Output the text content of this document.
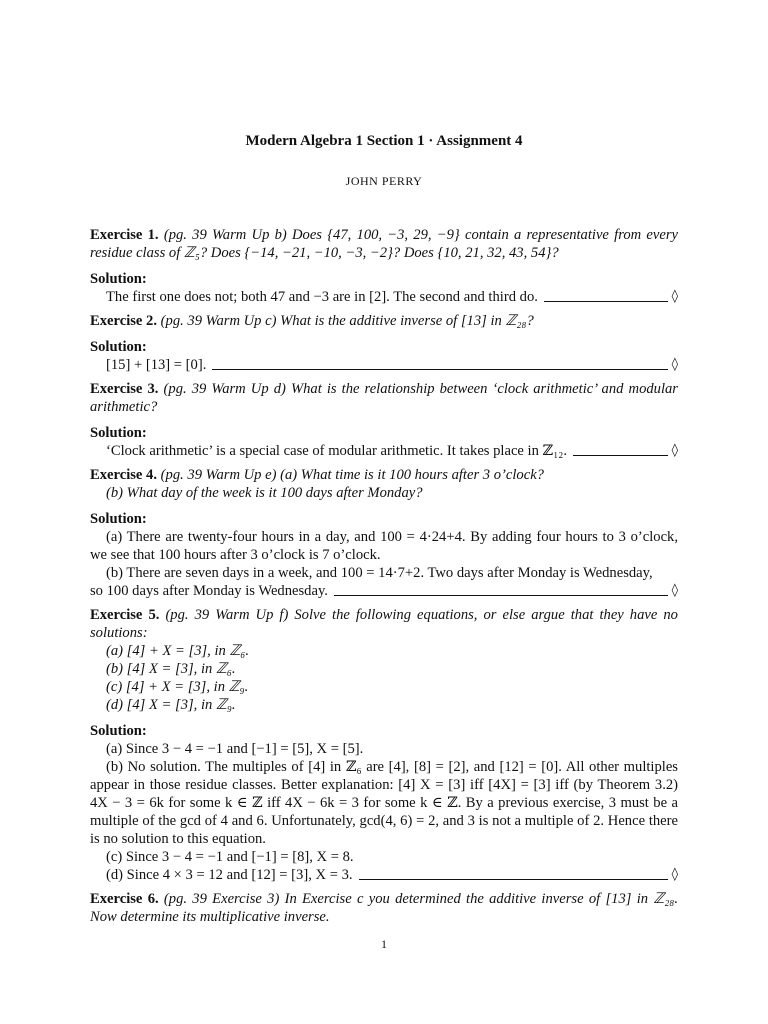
Modern Algebra 1 Section 1 · Assignment 4
JOHN PERRY

Exercise 1. (pg. 39 Warm Up b) Does {47, 100, −3, 29, −9} contain a representative from every residue class of ℤ₅? Does {−14, −21, −10, −3, −2}? Does {10, 21, 32, 43, 54}?

Solution:
The first one does not; both 47 and −3 are in [2]. The second and third do.	◊

Exercise 2. (pg. 39 Warm Up c) What is the additive inverse of [13] in ℤ₂₈?

Solution:
[15] + [13] = [0].	◊

Exercise 3. (pg. 39 Warm Up d) What is the relationship between ‘clock arithmetic’ and modular arithmetic?

Solution:
‘Clock arithmetic’ is a special case of modular arithmetic. It takes place in ℤ₁₂.	◊

Exercise 4. (pg. 39 Warm Up e) (a) What time is it 100 hours after 3 o’clock?

(b) What day of the week is it 100 days after Monday?

Solution:

(a) There are twenty-four hours in a day, and 100 = 4·24+4. By adding four hours to 3 o’clock, we see that 100 hours after 3 o’clock is 7 o’clock.

(b) There are seven days in a week, and 100 = 14·7+2. Two days after Monday is Wednesday,

so 100 days after Monday is Wednesday.	◊

Exercise 5. (pg. 39 Warm Up f) Solve the following equations, or else argue that they have no solutions:

(a) [4] + X = [3], in ℤ₆.

(b) [4] X = [3], in ℤ₆.

(c) [4] + X = [3], in ℤ₉.

(d) [4] X = [3], in ℤ₉.

Solution:

(a) Since 3 − 4 = −1 and [−1] = [5], X = [5].

(b) No solution. The multiples of [4] in ℤ₆ are [4], [8] = [2], and [12] = [0]. All other multiples appear in those residue classes. Better explanation: [4] X = [3] iff [4X] = [3] iff (by Theorem 3.2) 4X − 3 = 6k for some k ∈ ℤ iff 4X − 6k = 3 for some k ∈ ℤ. By a previous exercise, 3 must be a multiple of the gcd of 4 and 6. Unfortunately, gcd(4, 6) = 2, and 3 is not a multiple of 2. Hence there is no solution to this equation.

(c) Since 3 − 4 = −1 and [−1] = [8], X = 8.

(d) Since 4 × 3 = 12 and [12] = [3], X = 3.	◊

Exercise 6. (pg. 39 Exercise 3) In Exercise c you determined the additive inverse of [13] in ℤ₂₈. Now determine its multiplicative inverse.

1
